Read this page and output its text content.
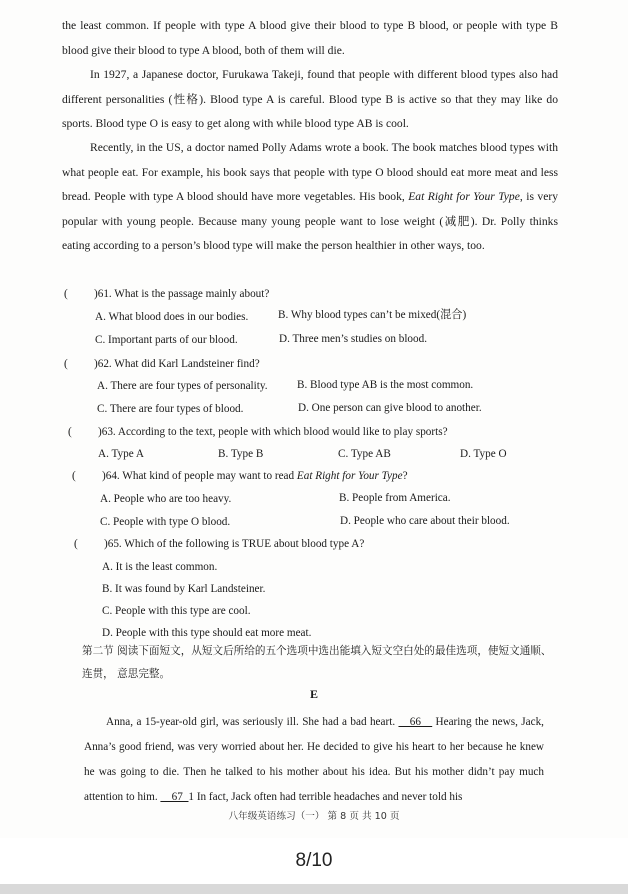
the least common. If people with type A blood give their blood to type B blood, or people with type B blood give their blood to type A blood, both of them will die.

In 1927, a Japanese doctor, Furukawa Takeji, found that people with different blood types also had different personalities (性格). Blood type A is careful. Blood type B is active so that they may like do sports. Blood type O is easy to get along with while blood type AB is cool.

Recently, in the US, a doctor named Polly Adams wrote a book. The book matches blood types with what people eat. For example, his book says that people with type O blood should eat more meat and less bread. People with type A blood should have more vegetables. His book, Eat Right for Your Type, is very popular with young people. Because many young people want to lose weight (减肥). Dr. Polly thinks eating according to a person’s blood type will make the person healthier in other ways, too.

( )61. What is the passage mainly about?
A. What blood does in our bodies.	B. Why blood types can’t be mixed(混合)
C. Important parts of our blood.	D. Three men’s studies on blood.
( )62. What did Karl Landsteiner find?
A. There are four types of personality.	B. Blood type AB is the most common.
C. There are four types of blood.	D. One person can give blood to another.
( )63. According to the text, people with which blood would like to play sports?
A. Type A	B. Type B	C. Type AB	D. Type O
( )64. What kind of people may want to read Eat Right for Your Type?
A. People who are too heavy.	B. People from America.
C. People with type O blood.	D. People who care about their blood.
( )65. Which of the following is TRUE about blood type A?
A. It is the least common.
B. It was found by Karl Landsteiner.
C. People with this type are cool.
D. People with this type should eat more meat.

第二节 阅读下面短文，从短文后所给的五个选项中选出能填入短文空白处的最佳选项，使短文通顺、连贯， 意思完整。

E

Anna, a 15-year-old girl, was seriously ill. She had a bad heart. __66__ Hearing the news, Jack, Anna’s good friend, was very worried about her. He decided to give his heart to her because he knew he was going to die. Then he talked to his mother about his idea. But his mother didn’t pay much attention to him. __67_1 In fact, Jack often had terrible headaches and never told his

八年级英语练习（一） 第 8 页 共 10 页
8/10
